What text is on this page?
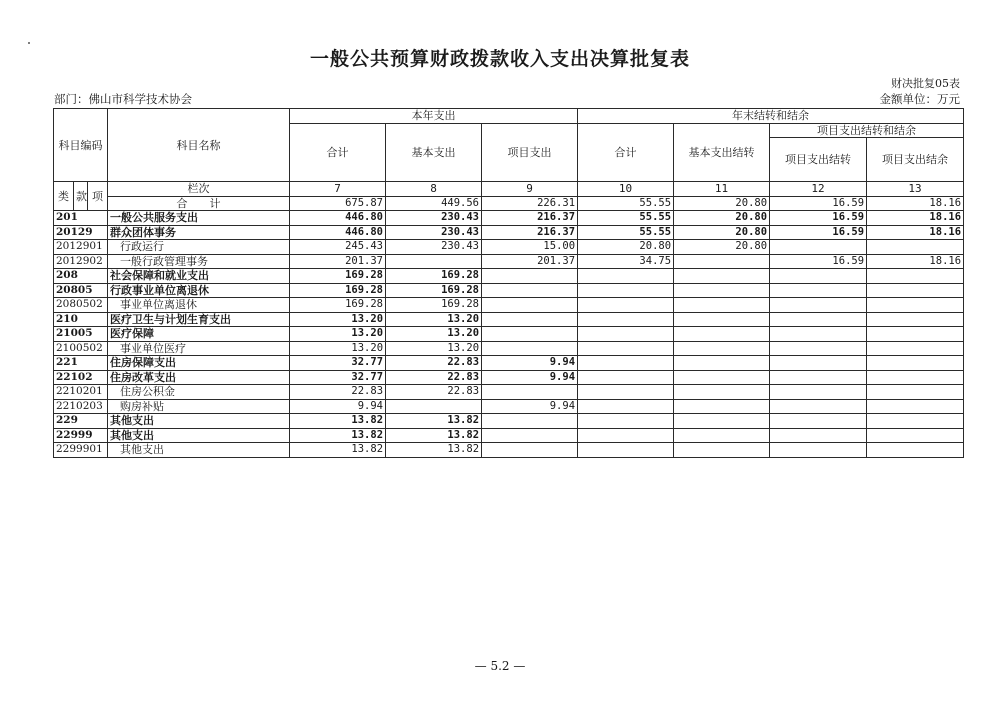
一般公共预算财政拨款收入支出决算批复表
财决批复05表
部门：佛山市科学技术协会	金额单位：万元
科目编码			科目名称	本年支出			年末结转和结余			
				合计	基本支出	项目支出	合计	基本支出结转	项目支出结转和结余	
									项目支出结转	项目支出结余
类	款	项	栏次	7	8	9	10	11	12	13
			合　　计	675.87	449.56	226.31	55.55	20.80	16.59	18.16
201			一般公共服务支出	446.80	230.43	216.37	55.55	20.80	16.59	18.16
20129			群众团体事务	446.80	230.43	216.37	55.55	20.80	16.59	18.16
2012901			行政运行	245.43	230.43	15.00	20.80	20.80		
2012902			一般行政管理事务	201.37		201.37	34.75		16.59	18.16
208			社会保障和就业支出	169.28	169.28					
20805			行政事业单位离退休	169.28	169.28					
2080502			事业单位离退休	169.28	169.28					
210			医疗卫生与计划生育支出	13.20	13.20					
21005			医疗保障	13.20	13.20					
2100502			事业单位医疗	13.20	13.20					
221			住房保障支出	32.77	22.83	9.94				
22102			住房改革支出	32.77	22.83	9.94				
2210201			住房公积金	22.83	22.83					
2210203			购房补贴	9.94		9.94				
229			其他支出	13.82	13.82					
22999			其他支出	13.82	13.82					
2299901			其他支出	13.82	13.82					
— 5.2 —
